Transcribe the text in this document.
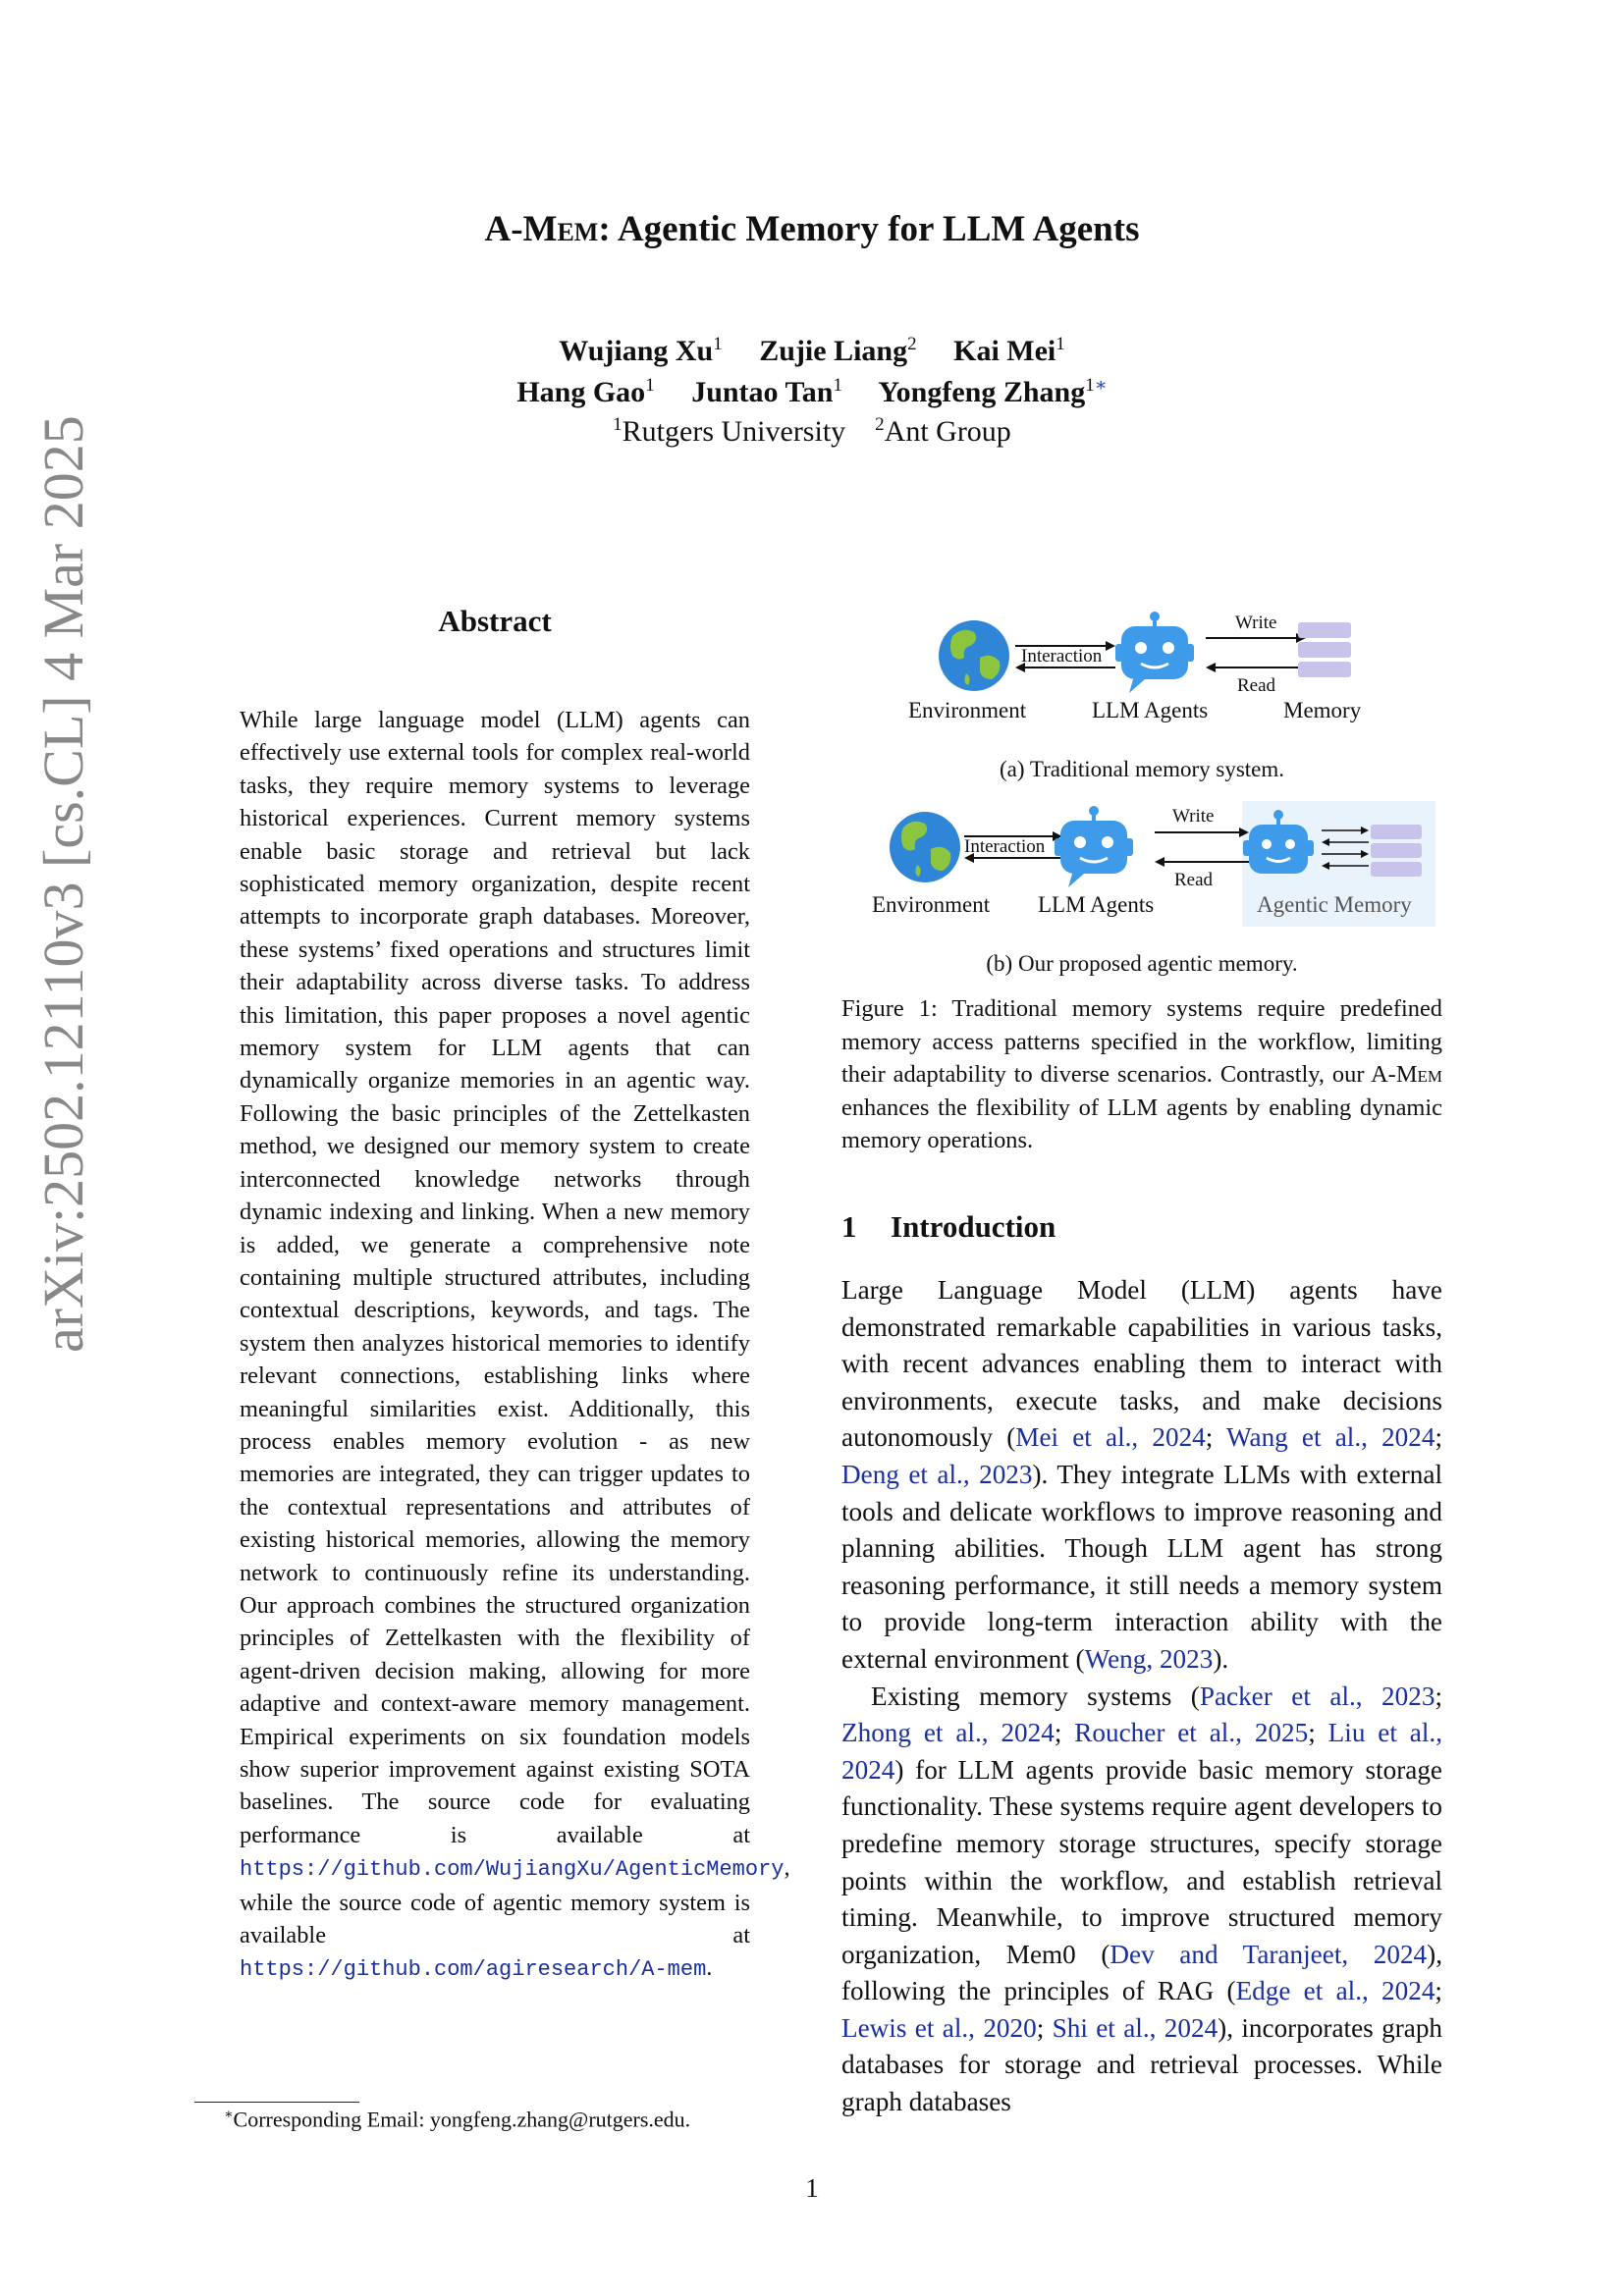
arXiv:2502.12110v3 [cs.CL] 4 Mar 2025
A-Mem: Agentic Memory for LLM Agents
Wujiang Xu$^1$ Zujie Liang$^2$ Kai Mei$^1$
Hang Gao$^1$ Juntao Tan$^1$ Yongfeng Zhang$^{1∗}$
$^1$Rutgers University $^2$Ant Group
Abstract
While large language model (LLM) agents can effectively use external tools for complex real-world tasks, they require memory systems to leverage historical experiences. Current memory systems enable basic storage and retrieval but lack sophisticated memory organization, despite recent attempts to incorporate graph databases. Moreover, these systems’ fixed operations and structures limit their adaptability across diverse tasks. To address this limitation, this paper proposes a novel agentic memory system for LLM agents that can dynamically organize memories in an agentic way. Following the basic principles of the Zettelkasten method, we designed our memory system to create interconnected knowledge networks through dynamic indexing and linking. When a new memory is added, we generate a comprehensive note containing multiple structured attributes, including contextual descriptions, keywords, and tags. The system then analyzes historical memories to identify relevant connections, establishing links where meaningful similarities exist. Additionally, this process enables memory evolution - as new memories are integrated, they can trigger updates to the contextual representations and attributes of existing historical memories, allowing the memory network to continuously refine its understanding. Our approach combines the structured organization principles of Zettelkasten with the flexibility of agent-driven decision making, allowing for more adaptive and context-aware memory management. Empirical experiments on six foundation models show superior improvement against existing SOTA baselines. The source code for evaluating performance is available at https://github.com/WujiangXu/AgenticMemory, while the source code of agentic memory system is available at https://github.com/agiresearch/A-mem.
∗Corresponding Email: yongfeng.zhang@rutgers.edu.
Interaction
Write
Read
Environment	LLM Agents	Memory
(a) Traditional memory system.
Interaction
Write
Read
Environment LLM Agents	Agentic Memory
(b) Our proposed agentic memory.
Figure 1: Traditional memory systems require predefined memory access patterns specified in the workflow, limiting their adaptability to diverse scenarios. Contrastly, our A-Mem enhances the flexibility of LLM agents by enabling dynamic memory operations.
1 Introduction

Large Language Model (LLM) agents have demonstrated remarkable capabilities in various tasks, with recent advances enabling them to interact with environments, execute tasks, and make decisions autonomously (Mei et al., 2024; Wang et al., 2024; Deng et al., 2023). They integrate LLMs with external tools and delicate workflows to improve reasoning and planning abilities. Though LLM agent has strong reasoning performance, it still needs a memory system to provide long-term interaction ability with the external environment (Weng, 2023).

Existing memory systems (Packer et al., 2023; Zhong et al., 2024; Roucher et al., 2025; Liu et al., 2024) for LLM agents provide basic memory storage functionality. These systems require agent developers to predefine memory storage structures, specify storage points within the workflow, and establish retrieval timing. Meanwhile, to improve structured memory organization, Mem0 (Dev and Taranjeet, 2024), following the principles of RAG (Edge et al., 2024; Lewis et al., 2020; Shi et al., 2024), incorporates graph databases for storage and retrieval processes. While graph databases

1
